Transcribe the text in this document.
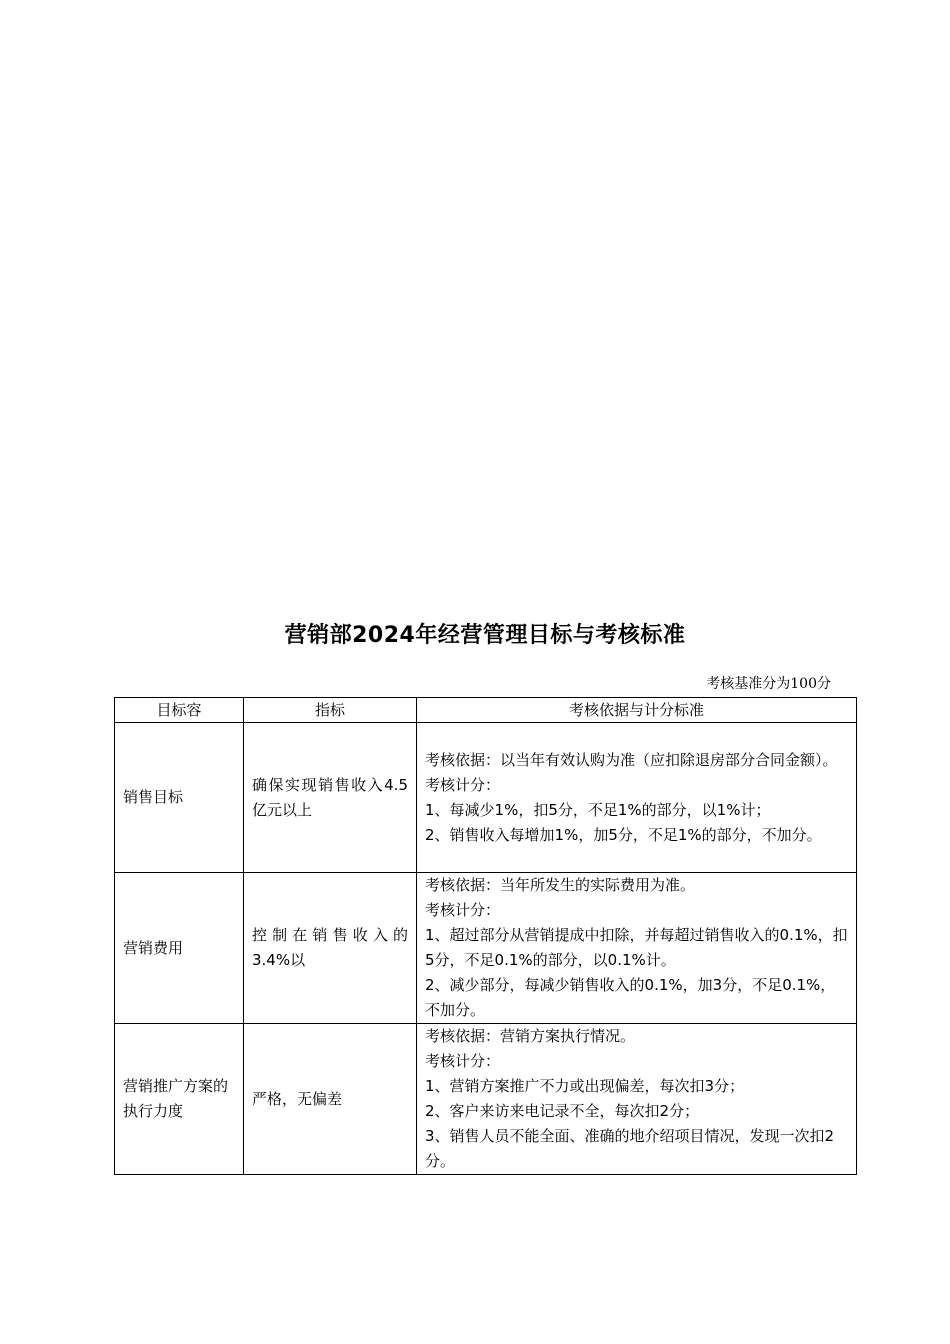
营销部2024年经营管理目标与考核标准
考核基准分为100分
目标容	指标	考核依据与计分标准
销售目标	确保实现销售收入4.5亿元以上	考核依据：以当年有效认购为准（应扣除退房部分合同金额）。
考核计分：
1、每减少1%，扣5分，不足1%的部分，以1%计；
2、销售收入每增加1%，加5分，不足1%的部分，不加分。

营销费用	控制在销售收入的3.4%以	考核依据：当年所发生的实际费用为准。
考核计分：
1、超过部分从营销提成中扣除，并每超过销售收入的0.1%，扣5分，不足0.1%的部分，以0.1%计。
2、减少部分，每减少销售收入的0.1%，加3分，不足0.1%，不加分。

营销推广方案的执行力度	严格，无偏差	考核依据：营销方案执行情况。
考核计分：
1、营销方案推广不力或出现偏差，每次扣3分；
2、客户来访来电记录不全，每次扣2分；
3、销售人员不能全面、准确的地介绍项目情况，发现一次扣2分。
